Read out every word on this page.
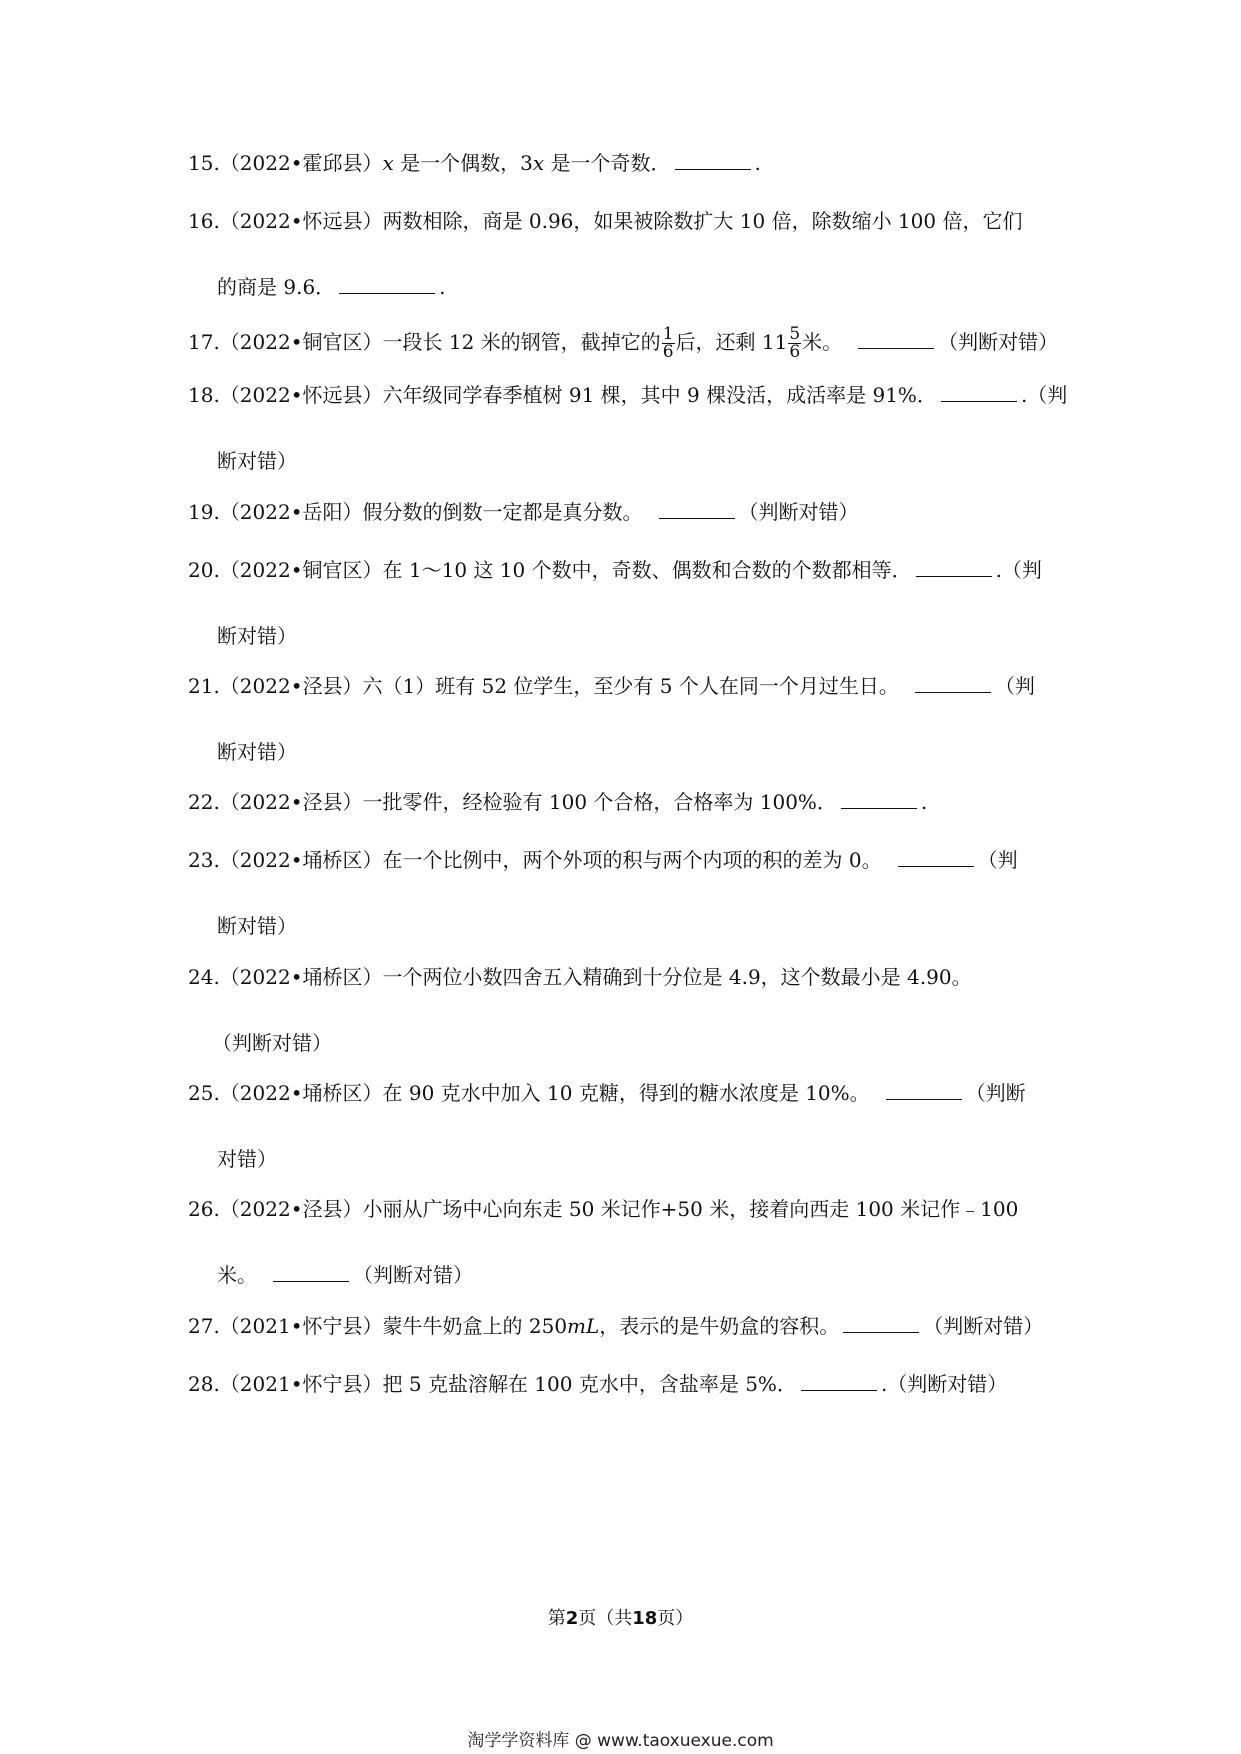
15.（2022•霍邱县）x 是一个偶数，3x 是一个奇数．	.
16.（2022•怀远县）两数相除，商是 0.96，如果被除数扩大 10 倍，除数缩小 100 倍，它们
的商是 9.6．	.
17.（2022•铜官区）一段长 12 米的钢管，截掉它的 $\frac{1}{6}$ 后，还剩 $11 \frac{5}{6}$ 米。	（判断对错）
18.（2022•怀远县）六年级同学春季植树 91 棵，其中 9 棵没活，成活率是 91%．	.（判
断对错）
19.（2022•岳阳）假分数的倒数一定都是真分数。	（判断对错）
20.（2022•铜官区）在 1～10 这 10 个数中，奇数、偶数和合数的个数都相等．	.（判
断对错）
21.（2022•泾县）六（1）班有 52 位学生，至少有 5 个人在同一个月过生日。	（判
断对错）
22.（2022•泾县）一批零件，经检验有 100 个合格，合格率为 100%．	.
23.（2022•埇桥区）在一个比例中，两个外项的积与两个内项的积的差为 0。	（判
断对错）
24.（2022•埇桥区）一个两位小数四舍五入精确到十分位是 4.9，这个数最小是 4.90。
（判断对错）
25.（2022•埇桥区）在 90 克水中加入 10 克糖，得到的糖水浓度是 10%。	（判断
对错）
26.（2022•泾县）小丽从广场中心向东走 50 米记作+50 米，接着向西走 100 米记作﹣100
米。	（判断对错）
27.（2021•怀宁县）蒙牛牛奶盒上的 250mL，表示的是牛奶盒的容积。	（判断对错）
28.（2021•怀宁县）把 5 克盐溶解在 100 克水中，含盐率是 5%．	.（判断对错）
第2页（共18页）
淘学学资料库 @ www.taoxuexue.com
